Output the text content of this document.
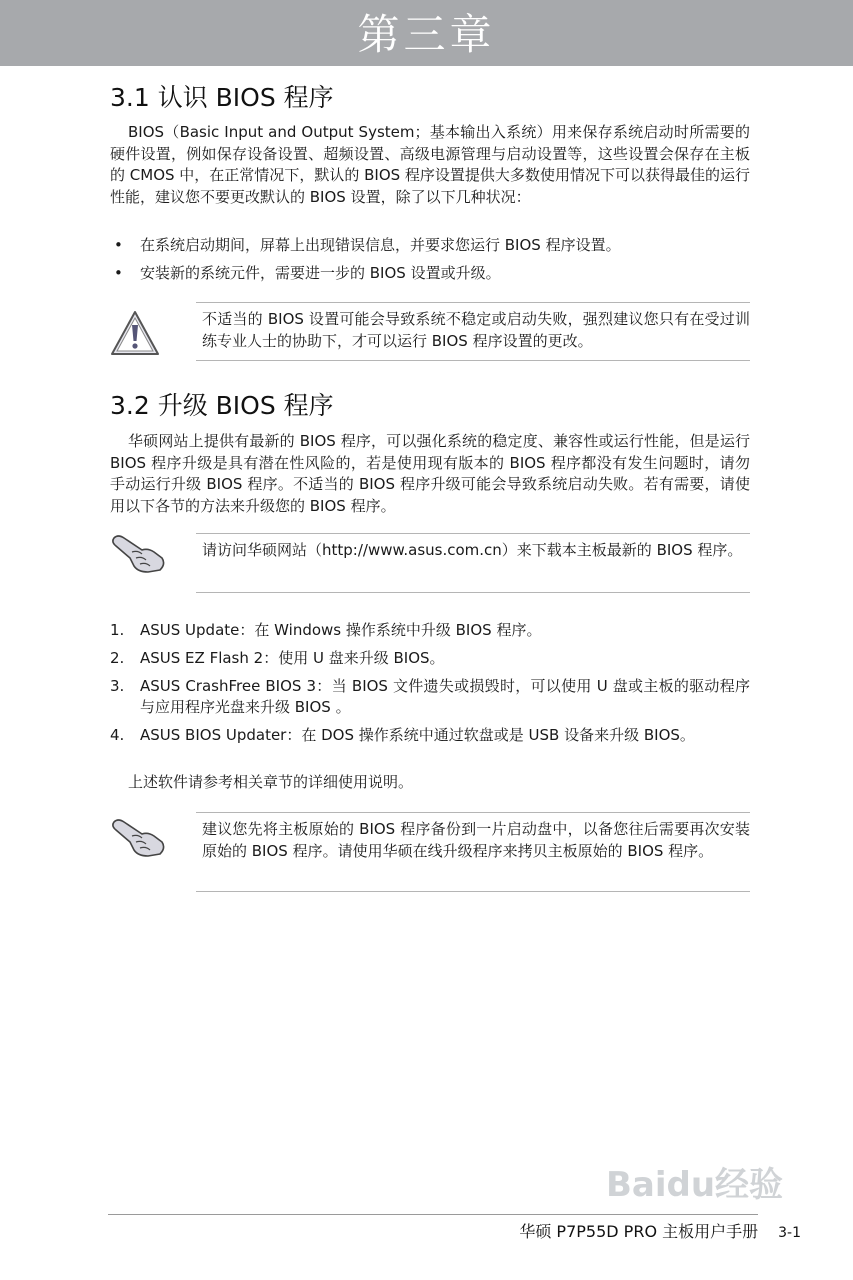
第三章
3.1 认识 BIOS 程序

BIOS（Basic Input and Output System；基本输出入系统）用来保存系统启动时所需要的硬件设置，例如保存设备设置、超频设置、高级电源管理与启动设置等，这些设置会保存在主板的 CMOS 中，在正常情况下，默认的 BIOS 程序设置提供大多数使用情况下可以获得最佳的运行性能，建议您不要更改默认的 BIOS 设置，除了以下几种状况：

• 在系统启动期间，屏幕上出现错误信息，并要求您运行 BIOS 程序设置。
• 安装新的系统元件，需要进一步的 BIOS 设置或升级。
不适当的 BIOS 设置可能会导致系统不稳定或启动失败，强烈建议您只有在受过训练专业人士的协助下，才可以运行 BIOS 程序设置的更改。
3.2 升级 BIOS 程序

华硕网站上提供有最新的 BIOS 程序，可以强化系统的稳定度、兼容性或运行性能，但是运行 BIOS 程序升级是具有潜在性风险的，若是使用现有版本的 BIOS 程序都没有发生问题时，请勿手动运行升级 BIOS 程序。不适当的 BIOS 程序升级可能会导致系统启动失败。若有需要，请使用以下各节的方法来升级您的 BIOS 程序。

请访问华硕网站（http://www.asus.com.cn）来下载本主板最新的 BIOS 程序。
1. ASUS Update：在 Windows 操作系统中升级 BIOS 程序。
2. ASUS EZ Flash 2：使用 U 盘来升级 BIOS。
3. ASUS CrashFree BIOS 3：当 BIOS 文件遗失或损毁时，可以使用 U 盘或主板的驱动程序与应用程序光盘来升级 BIOS 。
4. ASUS BIOS Updater：在 DOS 操作系统中通过软盘或是 USB 设备来升级 BIOS。

上述软件请参考相关章节的详细使用说明。

建议您先将主板原始的 BIOS 程序备份到一片启动盘中，以备您往后需要再次安装原始的 BIOS 程序。请使用华硕在线升级程序来拷贝主板原始的 BIOS 程序。
Baidu经验
华硕 P7P55D PRO 主板用户手册 3-1
